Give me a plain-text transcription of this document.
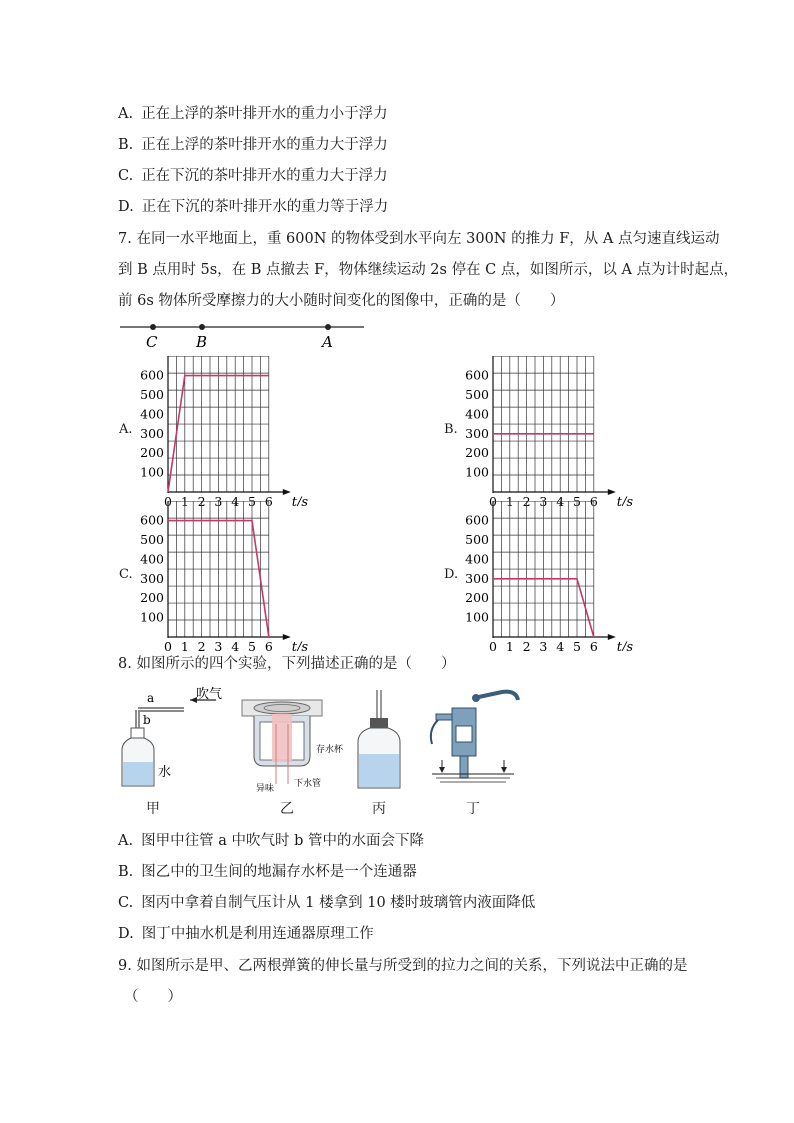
A. 正在上浮的茶叶排开水的重力小于浮力
B. 正在上浮的茶叶排开水的重力大于浮力
C. 正在下沉的茶叶排开水的重力大于浮力
D. 正在下沉的茶叶排开水的重力等于浮力
7. 在同一水平地面上，重 600N 的物体受到水平向左 300N 的推力 F，从 A 点匀速直线运动
到 B 点用时 5s，在 B 点撤去 F，物体继续运动 2s 停在 C 点，如图所示，以 A 点为计时起点，
前 6s 物体所受摩擦力的大小随时间变化的图像中，正确的是（　　）
C	B	A
A.
t/s
600
500
400
300
200
100
0 1 2 3 4 5 6
B.
t/s
600
500
400
300
200
100
0 1 2 3 4 5 6
C.
t/s
600
500
400
300
200
100
0 1 2 3 4 5 6
D.
t/s
600
500
400
300
200
100
0 1 2 3 4 5 6
8. 如图所示的四个实验，下列描述正确的是（　　）
a
b
吹气
水
甲
存水杯
异味 下水管
乙	丙	丁
A. 图甲中往管 a 中吹气时 b 管中的水面会下降
B. 图乙中的卫生间的地漏存水杯是一个连通器
C. 图丙中拿着自制气压计从 1 楼拿到 10 楼时玻璃管内液面降低
D. 图丁中抽水机是利用连通器原理工作
9. 如图所示是甲、乙两根弹簧的伸长量与所受到的拉力之间的关系，下列说法中正确的是
（　　）
